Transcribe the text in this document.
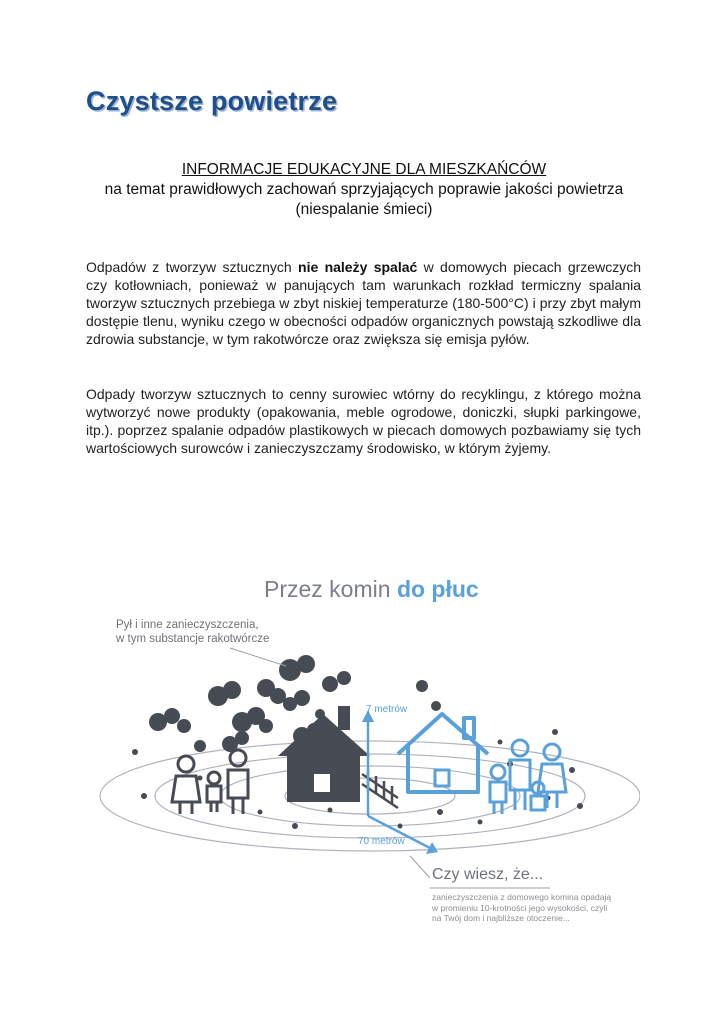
Czystsze powietrze
INFORMACJE EDUKACYJNE DLA MIESZKAŃCÓW
na temat prawidłowych zachowań sprzyjających poprawie jakości powietrza (niespalanie śmieci)
Odpadów z tworzyw sztucznych nie należy spalać w domowych piecach grzewczych czy kotłowniach, ponieważ w panujących tam warunkach rozkład termiczny spalania tworzyw sztucznych przebiega w zbyt niskiej temperaturze (180-500°C) i przy zbyt małym dostępie tlenu, wyniku czego w obecności odpadów organicznych powstają szkodliwe dla zdrowia substancje, w tym rakotwórcze oraz zwiększa się emisja pyłów.
Odpady tworzyw sztucznych to cenny surowiec wtórny do recyklingu, z którego można wytworzyć nowe produkty (opakowania, meble ogrodowe, doniczki, słupki parkingowe, itp.). poprzez spalanie odpadów plastikowych w piecach domowych pozbawiamy się tych wartościowych surowców i zanieczyszczamy środowisko, w którym żyjemy.
Przez komin do płuc
Pył i inne zanieczyszczenia,
w tym substancje rakotwórcze
7 metrów
70 metrów
Czy wiesz, że...
zanieczyszczenia z domowego komina opadają
w promieniu 10-krotności jego wysokości, czyli
na Twój dom i najbliższe otoczenie...
